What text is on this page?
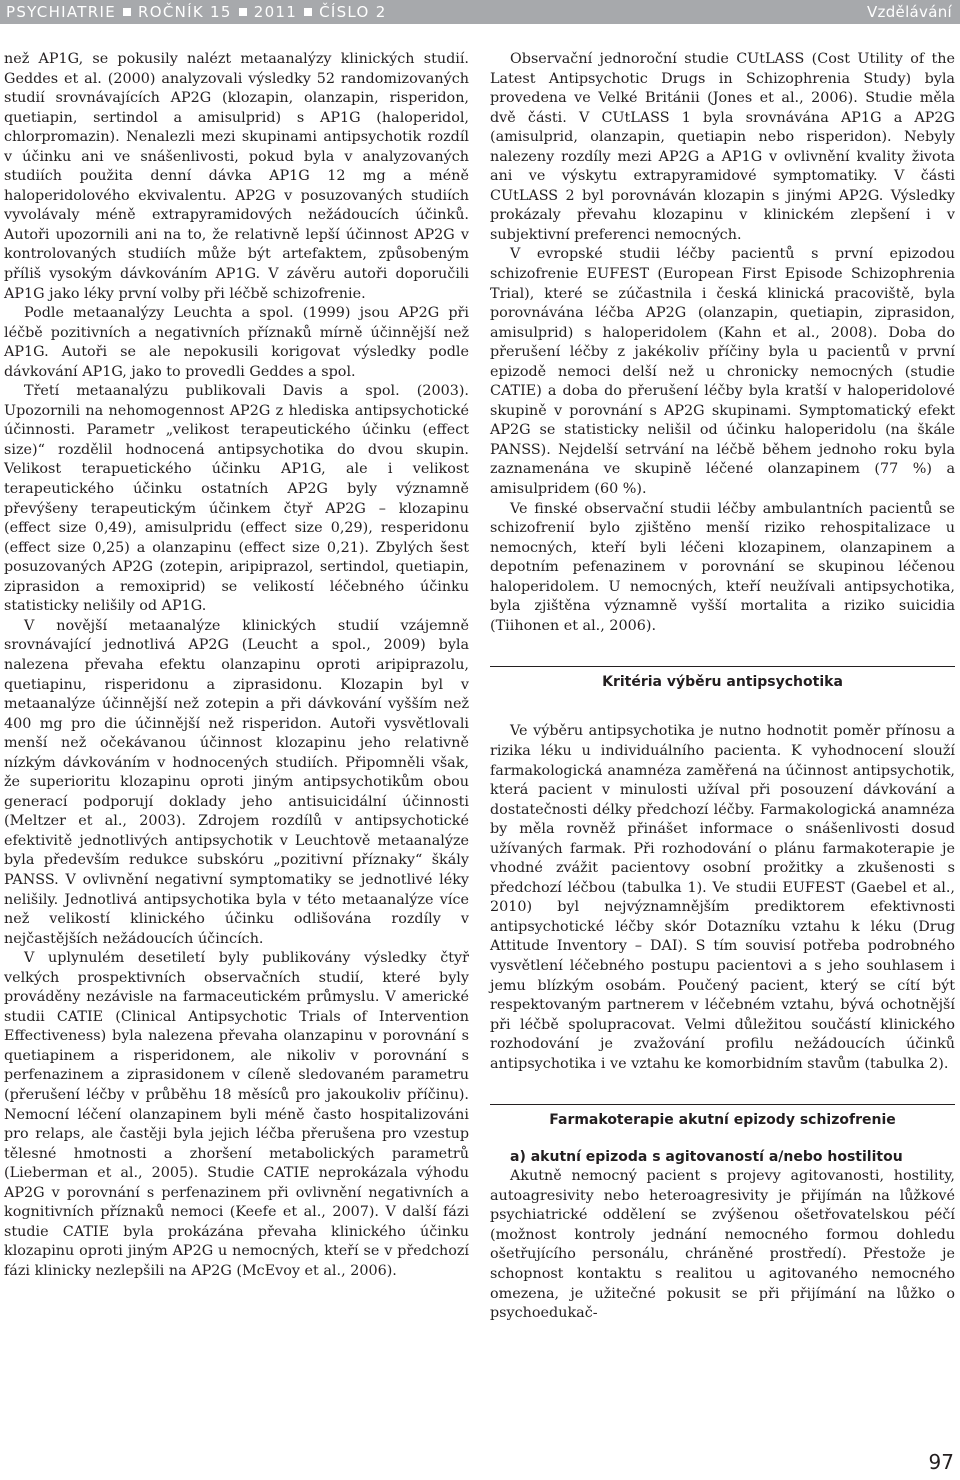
PSYCHIATRIE ROČNÍK 15 2011 ČÍSLO 2	Vzdělávání

než AP1G, se pokusily nalézt metaanalýzy klinických studií. Geddes et al. (2000) analyzovali výsledky 52 randomizovaných studií srovnávajících AP2G (klozapin, olanzapin, risperidon, quetiapin, sertindol a amisulprid) s AP1G (haloperidol, chlorpromazin). Nenalezli mezi skupinami antipsychotik rozdíl v účinku ani ve snášenlivosti, pokud byla v analyzovaných studiích použita denní dávka AP1G 12 mg a méně haloperidolového ekvivalentu. AP2G v posuzovaných studiích vyvolávaly méně extrapyramidových nežádoucích účinků. Autoři upozornili ani na to, že relativně lepší účinnost AP2G v kontrolovaných studiích může být artefaktem, způsobeným příliš vysokým dávkováním AP1G. V závěru autoři doporučili AP1G jako léky první volby při léčbě schizofrenie.

Podle metaanalýzy Leuchta a spol. (1999) jsou AP2G při léčbě pozitivních a negativních příznaků mírně účinnější než AP1G. Autoři se ale nepokusili korigovat výsledky podle dávkování AP1G, jako to provedli Geddes a spol.

Třetí metaanalýzu publikovali Davis a spol. (2003). Upozornili na nehomogennost AP2G z hlediska antipsychotické účinnosti. Parametr „velikost terapeutického účinku (effect size)“ rozdělil hodnocená antipsychotika do dvou skupin. Velikost terapuetického účinku AP1G, ale i velikost terapeutického účinku ostatních AP2G byly významně převýšeny terapeutickým účinkem čtyř AP2G – klozapinu (effect size 0,49), amisulpridu (effect size 0,29), resperidonu (effect size 0,25) a olanzapinu (effect size 0,21). Zbylých šest posuzovaných AP2G (zotepin, aripiprazol, sertindol, quetiapin, ziprasidon a remoxiprid) se velikostí léčebného účinku statisticky nelišily od AP1G.

V novější metaanalýze klinických studií vzájemně srovnávající jednotlivá AP2G (Leucht a spol., 2009) byla nalezena převaha efektu olanzapinu oproti aripiprazolu, quetiapinu, risperidonu a ziprasidonu. Klozapin byl v metaanalýze účinnější než zotepin a při dávkování vyšším než 400 mg pro die účinnější než risperidon. Autoři vysvětlovali menší než očekávanou účinnost klozapinu jeho relativně nízkým dávkováním v hodnocených studiích. Připomněli však, že superioritu klozapinu oproti jiným antipsychotikům obou generací podporují doklady jeho antisuicidální účinnosti (Meltzer et al., 2003). Zdrojem rozdílů v antipsychotické efektivitě jednotlivých antipsychotik v Leuchtově metaanalýze byla především redukce subskóru „pozitivní příznaky“ škály PANSS. V ovlivnění negativní symptomatiky se jednotlivé léky nelišily. Jednotlivá antipsychotika byla v této metaanalýze více než velikostí klinického účinku odlišována rozdíly v nejčastějších nežádoucích účincích.

V uplynulém desetiletí byly publikovány výsledky čtyř velkých prospektivních observačních studií, které byly prováděny nezávisle na farmaceutickém průmyslu. V americké studii CATIE (Clinical Antipsychotic Trials of Intervention Effectiveness) byla nalezena převaha olanzapinu v porovnání s quetiapinem a risperidonem, ale nikoliv v porovnání s perfenazinem a ziprasidonem v cíleně sledovaném parametru (přerušení léčby v průběhu 18 měsíců pro jakoukoliv příčinu). Nemocní léčení olanzapinem byli méně často hospitalizováni pro relaps, ale častěji byla jejich léčba přerušena pro vzestup tělesné hmotnosti a zhoršení metabolických parametrů (Lieberman et al., 2005). Studie CATIE neprokázala výhodu AP2G v porovnání s perfenazinem při ovlivnění negativních a kognitivních příznaků nemoci (Keefe et al., 2007). V další fázi studie CATIE byla prokázána převaha klinického účinku klozapinu oproti jiným AP2G u nemocných, kteří se v předchozí fázi klinicky nezlepšili na AP2G (McEvoy et al., 2006).

Observační jednoroční studie CUtLASS (Cost Utility of the Latest Antipsychotic Drugs in Schizophrenia Study) byla provedena ve Velké Británii (Jones et al., 2006). Studie měla dvě části. V CUtLASS 1 byla srovnávána AP1G a AP2G (amisulprid, olanzapin, quetiapin nebo risperidon). Nebyly nalezeny rozdíly mezi AP2G a AP1G v ovlivnění kvality života ani ve výskytu extrapyramidové symptomatiky. V části CUtLASS 2 byl porovnáván klozapin s jinými AP2G. Výsledky prokázaly převahu klozapinu v klinickém zlepšení i v subjektivní preferenci nemocných.

V evropské studii léčby pacientů s první epizodou schizofrenie EUFEST (European First Episode Schizophrenia Trial), které se zúčastnila i česká klinická pracoviště, byla porovnávána léčba AP2G (olanzapin, quetiapin, ziprasidon, amisulprid) s haloperidolem (Kahn et al., 2008). Doba do přerušení léčby z jakékoliv příčiny byla u pacientů v první epizodě nemoci delší než u chronicky nemocných (studie CATIE) a doba do přerušení léčby byla kratší v haloperidolové skupině v porovnání s AP2G skupinami. Symptomatický efekt AP2G se statisticky nelišil od účinku haloperidolu (na škále PANSS). Nejdelší setrvání na léčbě během jednoho roku byla zaznamenána ve skupině léčené olanzapinem (77 %) a amisulpridem (60 %).

Ve finské observační studii léčby ambulantních pacientů se schizofrenií bylo zjištěno menší riziko rehospitalizace u nemocných, kteří byli léčeni klozapinem, olanzapinem a depotním pefenazinem v porovnání se skupinou léčenou haloperidolem. U nemocných, kteří neužívali antipsychotika, byla zjištěna významně vyšší mortalita a riziko suicidia (Tiihonen et al., 2006).

Kritéria výběru antipsychotika

Ve výběru antipsychotika je nutno hodnotit poměr přínosu a rizika léku u individuálního pacienta. K vyhodnocení slouží farmakologická anamnéza zaměřená na účinnost antipsychotik, která pacient v minulosti užíval při posouzení dávkování a dostatečnosti délky předchozí léčby. Farmakologická anamnéza by měla rovněž přinášet informace o snášenlivosti dosud užívaných farmak. Při rozhodování o plánu farmakoterapie je vhodné zvážit pacientovy osobní prožitky a zkušenosti s předchozí léčbou (tabulka 1). Ve studii EUFEST (Gaebel et al., 2010) byl nejvýznamnějším prediktorem efektivnosti antipsychotické léčby skór Dotazníku vztahu k léku (Drug Attitude Inventory – DAI). S tím souvisí potřeba podrobného vysvětlení léčebného postupu pacientovi a s jeho souhlasem i jemu blízkým osobám. Poučený pacient, který se cítí být respektovaným partnerem v léčebném vztahu, bývá ochotnější při léčbě spolupracovat. Velmi důležitou součástí klinického rozhodování je zvažování profilu nežádoucích účinků antipsychotika i ve vztahu ke komorbidním stavům (tabulka 2).

Farmakoterapie akutní epizody schizofrenie
a) akutní epizoda s agitovaností a/nebo hostilitou

Akutně nemocný pacient s projevy agitovanosti, hostility, autoagresivity nebo heteroagresivity je přijímán na lůžkové psychiatrické oddělení se zvýšenou ošetřovatelskou péčí (možnost kontroly jednání nemocného formou dohledu ošetřujícího personálu, chráněné prostředí). Přestože je schopnost kontaktu s realitou u agitovaného nemocného omezena, je užitečné pokusit se při přijímání na lůžko o psychoedukač-

97
